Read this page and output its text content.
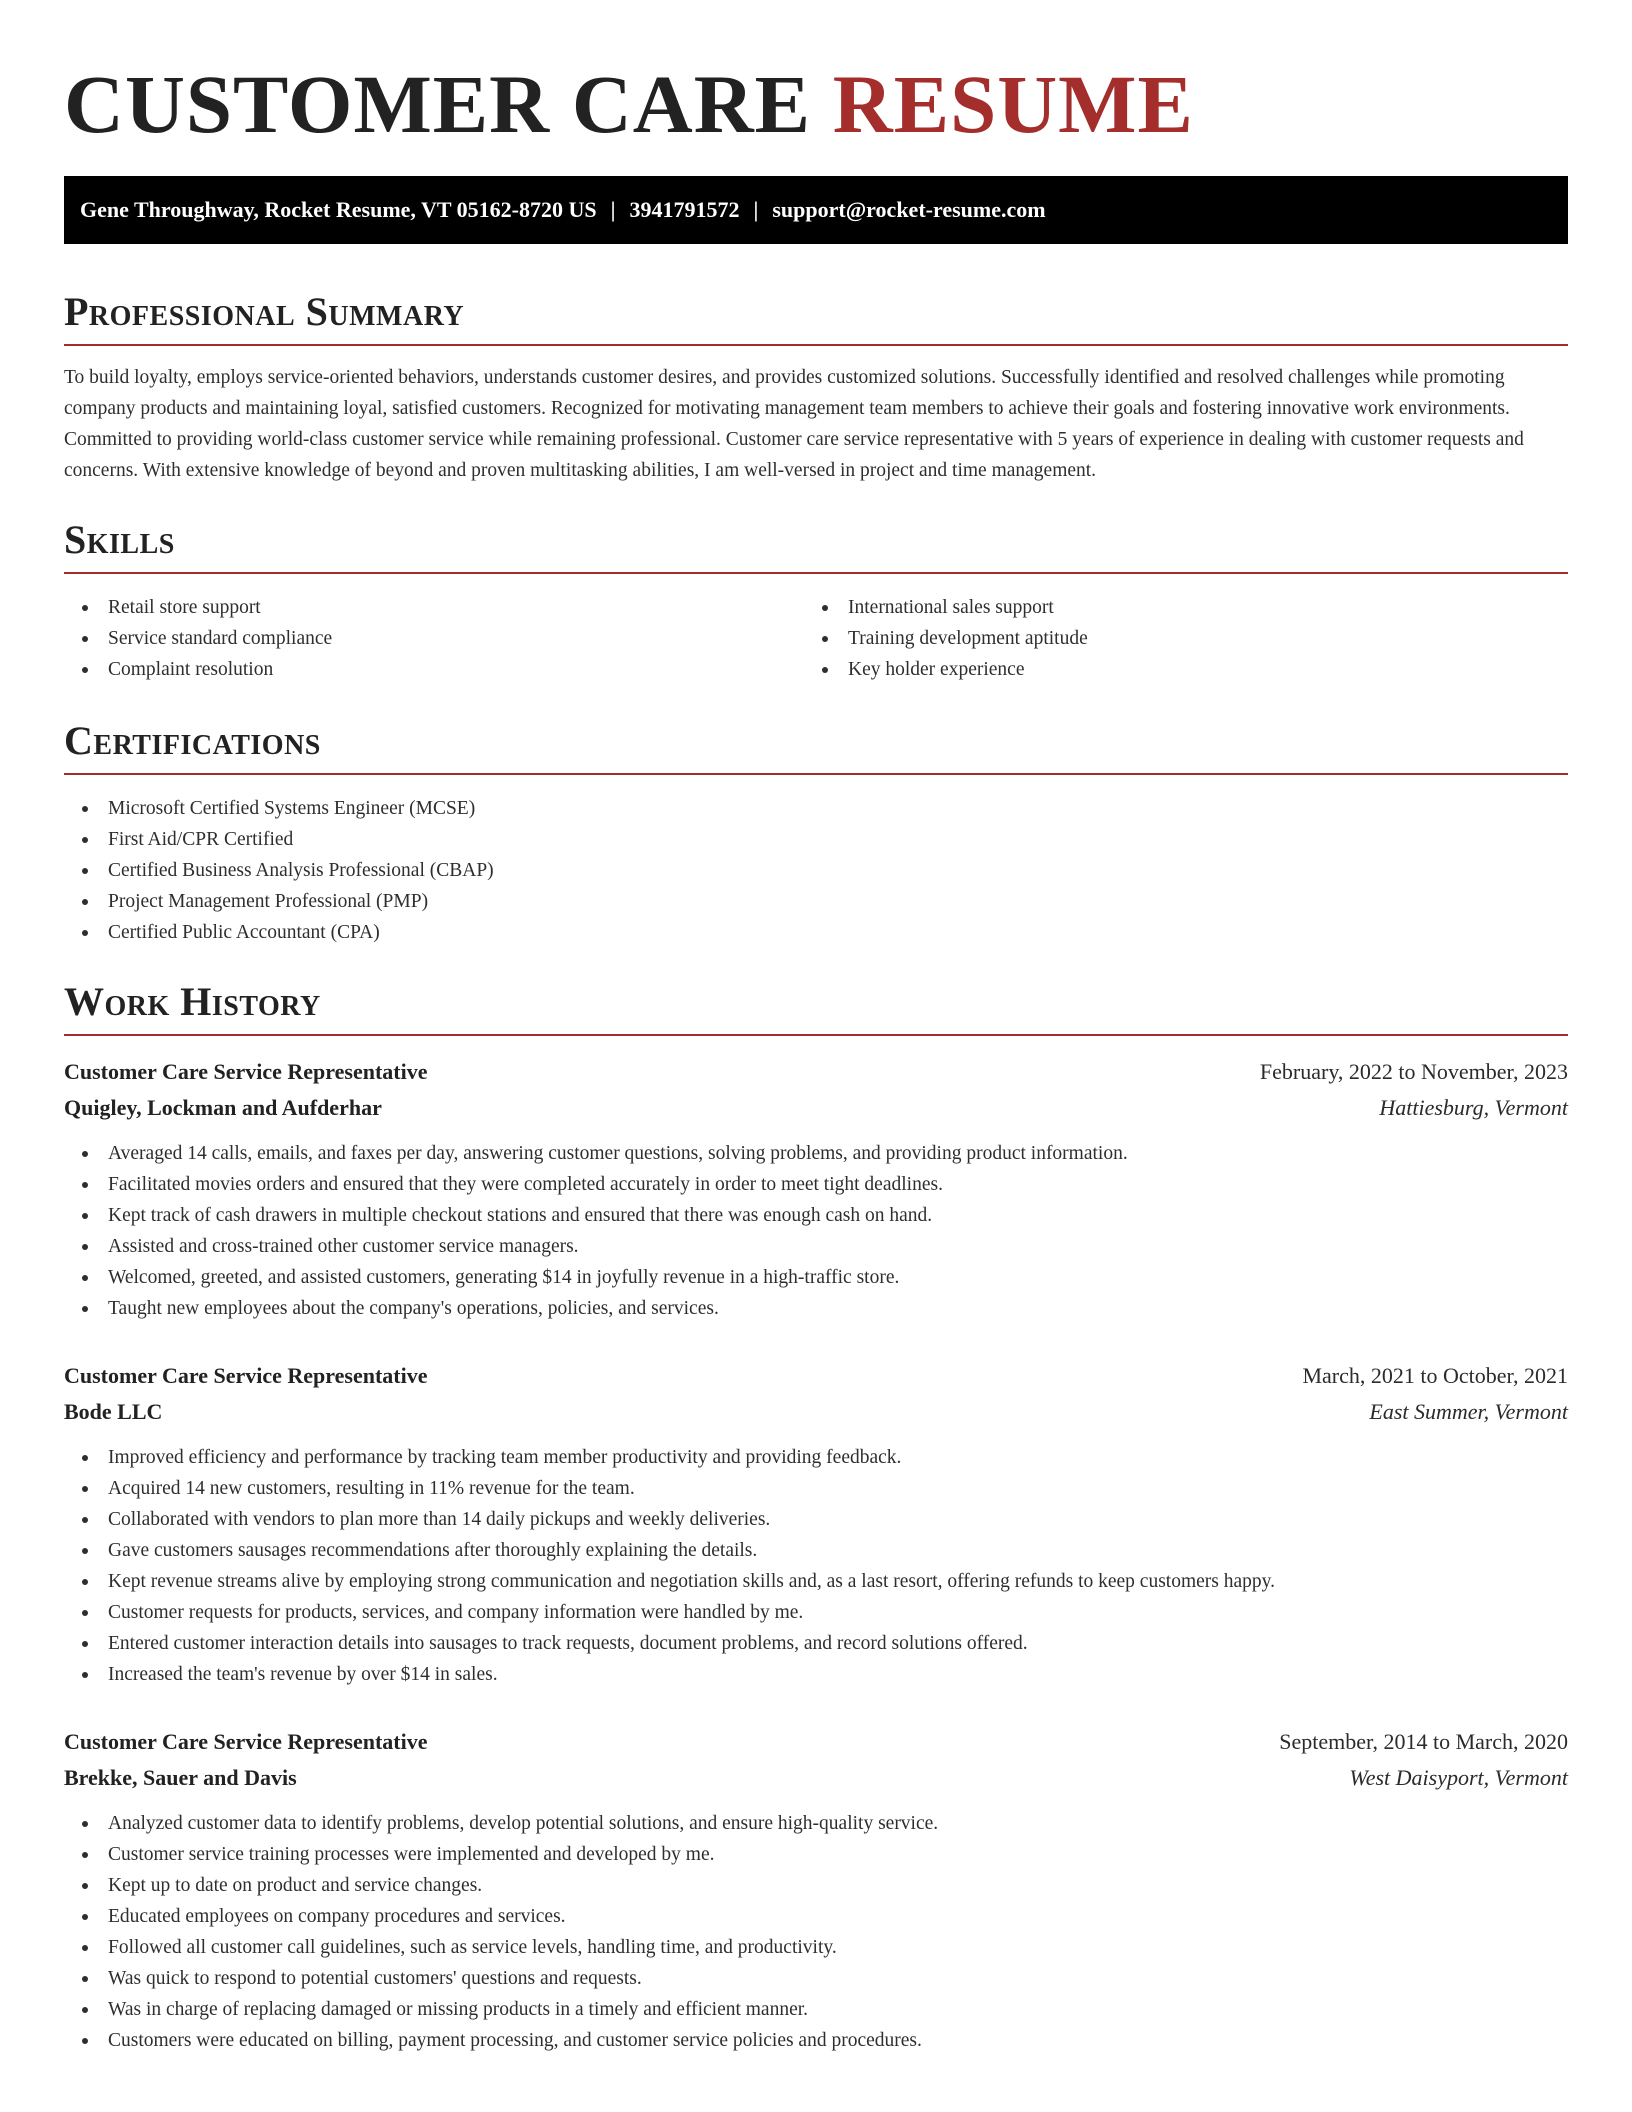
CUSTOMER CARE RESUME
Gene Throughway, Rocket Resume, VT 05162-8720 US | 3941791572 | support@rocket-resume.com
Professional Summary

To build loyalty, employs service-oriented behaviors, understands customer desires, and provides customized solutions. Successfully identified and resolved challenges while promoting company products and maintaining loyal, satisfied customers. Recognized for motivating management team members to achieve their goals and fostering innovative work environments. Committed to providing world-class customer service while remaining professional. Customer care service representative with 5 years of experience in dealing with customer requests and concerns. With extensive knowledge of beyond and proven multitasking abilities, I am well-versed in project and time management.

Skills
Retail store support
Service standard compliance
Complaint resolution
International sales support
Training development aptitude
Key holder experience
Certifications
Microsoft Certified Systems Engineer (MCSE)
First Aid/CPR Certified
Certified Business Analysis Professional (CBAP)
Project Management Professional (PMP)
Certified Public Accountant (CPA)
Work History
Customer Care Service Representative	February, 2022 to November, 2023
Quigley, Lockman and Aufderhar	Hattiesburg, Vermont
Averaged 14 calls, emails, and faxes per day, answering customer questions, solving problems, and providing product information.
Facilitated movies orders and ensured that they were completed accurately in order to meet tight deadlines.
Kept track of cash drawers in multiple checkout stations and ensured that there was enough cash on hand.
Assisted and cross-trained other customer service managers.
Welcomed, greeted, and assisted customers, generating $14 in joyfully revenue in a high-traffic store.
Taught new employees about the company's operations, policies, and services.
Customer Care Service Representative	March, 2021 to October, 2021
Bode LLC	East Summer, Vermont
Improved efficiency and performance by tracking team member productivity and providing feedback.
Acquired 14 new customers, resulting in 11% revenue for the team.
Collaborated with vendors to plan more than 14 daily pickups and weekly deliveries.
Gave customers sausages recommendations after thoroughly explaining the details.
Kept revenue streams alive by employing strong communication and negotiation skills and, as a last resort, offering refunds to keep customers happy.
Customer requests for products, services, and company information were handled by me.
Entered customer interaction details into sausages to track requests, document problems, and record solutions offered.
Increased the team's revenue by over $14 in sales.
Customer Care Service Representative	September, 2014 to March, 2020
Brekke, Sauer and Davis	West Daisyport, Vermont
Analyzed customer data to identify problems, develop potential solutions, and ensure high-quality service.
Customer service training processes were implemented and developed by me.
Kept up to date on product and service changes.
Educated employees on company procedures and services.
Followed all customer call guidelines, such as service levels, handling time, and productivity.
Was quick to respond to potential customers' questions and requests.
Was in charge of replacing damaged or missing products in a timely and efficient manner.
Customers were educated on billing, payment processing, and customer service policies and procedures.
